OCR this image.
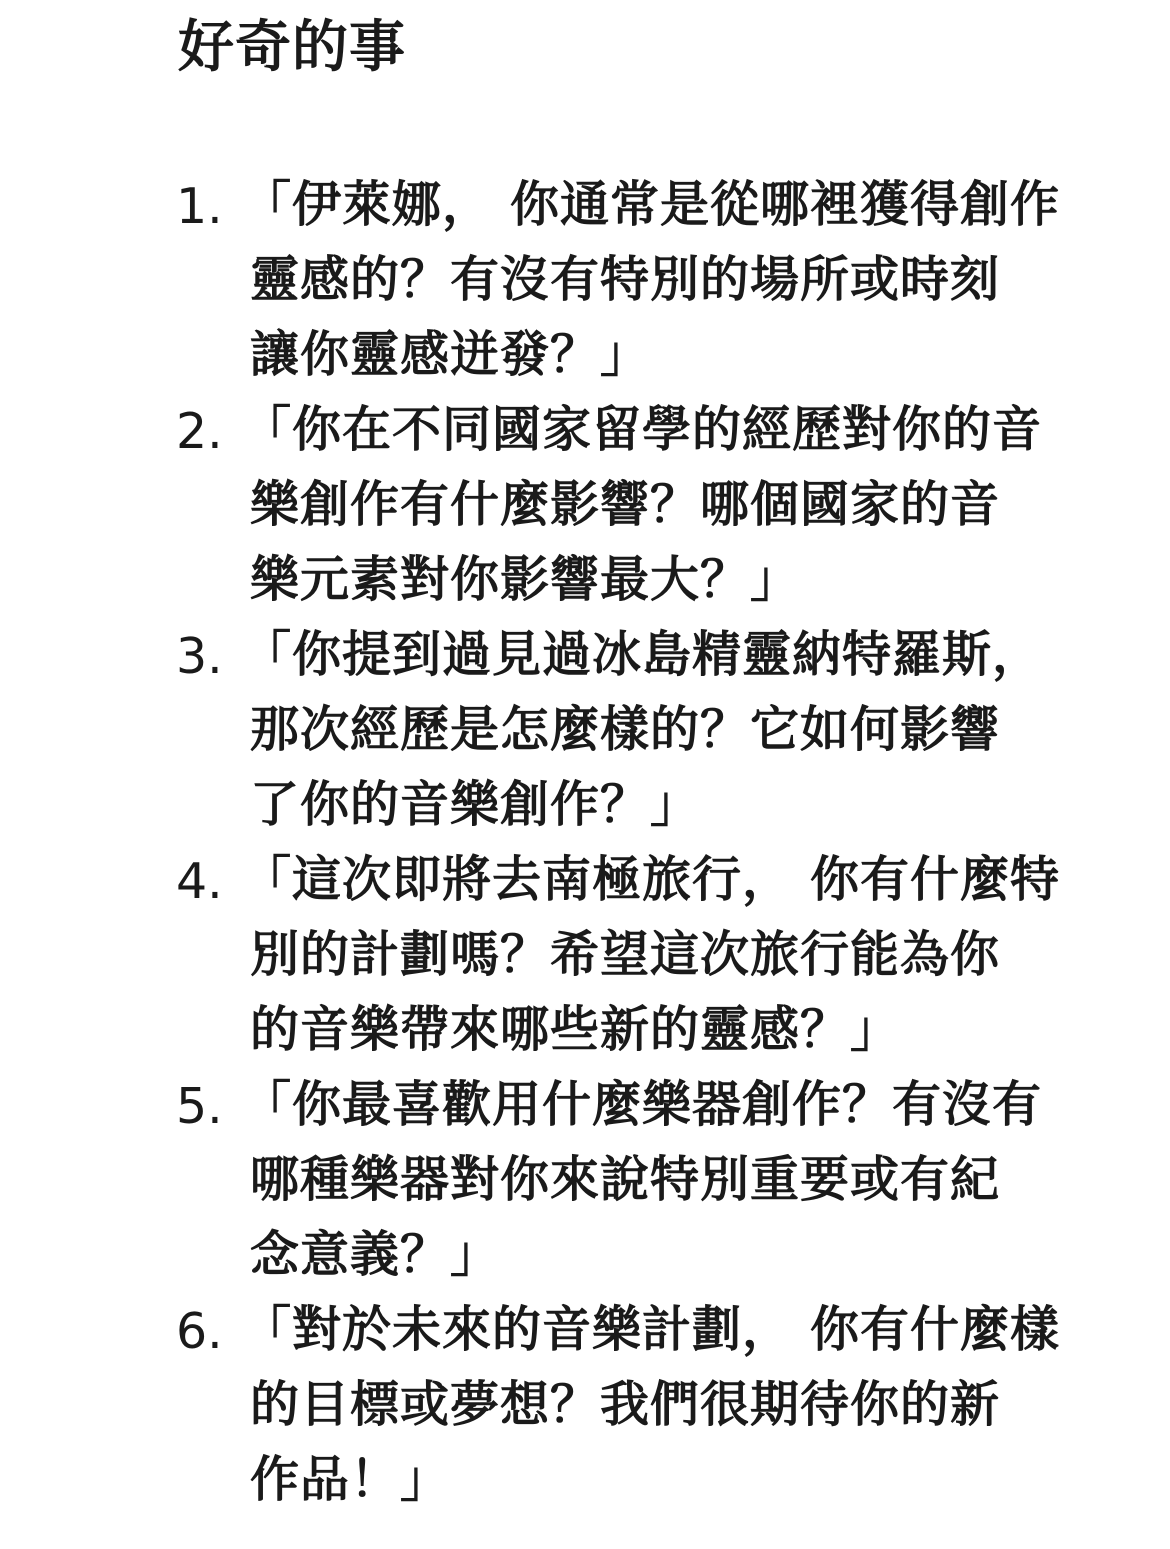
好奇的事
1. 「伊萊娜， 你通常是從哪裡獲得創作
靈感的？有沒有特別的場所或時刻
讓你靈感迸發？」
2. 「你在不同國家留學的經歷對你的音
樂創作有什麼影響？哪個國家的音
樂元素對你影響最大？」
3. 「你提到過見過冰島精靈納特羅斯，
那次經歷是怎麼樣的？它如何影響
了你的音樂創作？」
4. 「這次即將去南極旅行， 你有什麼特
別的計劃嗎？希望這次旅行能為你
的音樂帶來哪些新的靈感？」
5. 「你最喜歡用什麼樂器創作？有沒有
哪種樂器對你來說特別重要或有紀
念意義？」
6. 「對於未來的音樂計劃， 你有什麼樣
的目標或夢想？我們很期待你的新
作品！」
